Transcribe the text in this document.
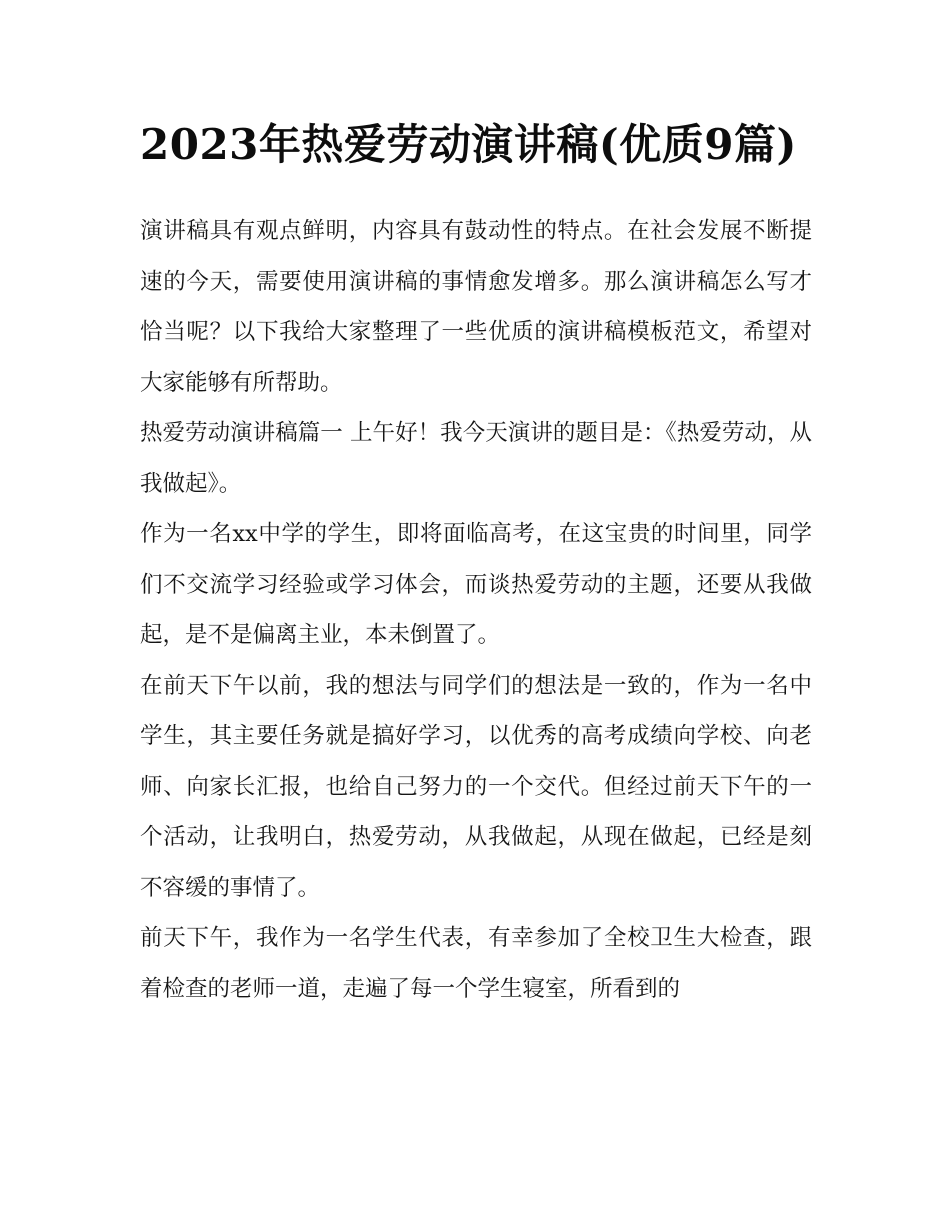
2023年热爱劳动演讲稿(优质9篇)

演讲稿具有观点鲜明，内容具有鼓动性的特点。在社会发展不断提速的今天，需要使用演讲稿的事情愈发增多。那么演讲稿怎么写才恰当呢？以下我给大家整理了一些优质的演讲稿模板范文，希望对大家能够有所帮助。

热爱劳动演讲稿篇一 上午好！我今天演讲的题目是：《热爱劳动，从我做起》。

作为一名xx中学的学生，即将面临高考，在这宝贵的时间里，同学们不交流学习经验或学习体会，而谈热爱劳动的主题，还要从我做起，是不是偏离主业，本未倒置了。

在前天下午以前，我的想法与同学们的想法是一致的，作为一名中学生，其主要任务就是搞好学习，以优秀的高考成绩向学校、向老师、向家长汇报，也给自己努力的一个交代。但经过前天下午的一个活动，让我明白，热爱劳动，从我做起，从现在做起，已经是刻不容缓的事情了。

前天下午，我作为一名学生代表，有幸参加了全校卫生大检查，跟着检查的老师一道，走遍了每一个学生寝室，所看到的
